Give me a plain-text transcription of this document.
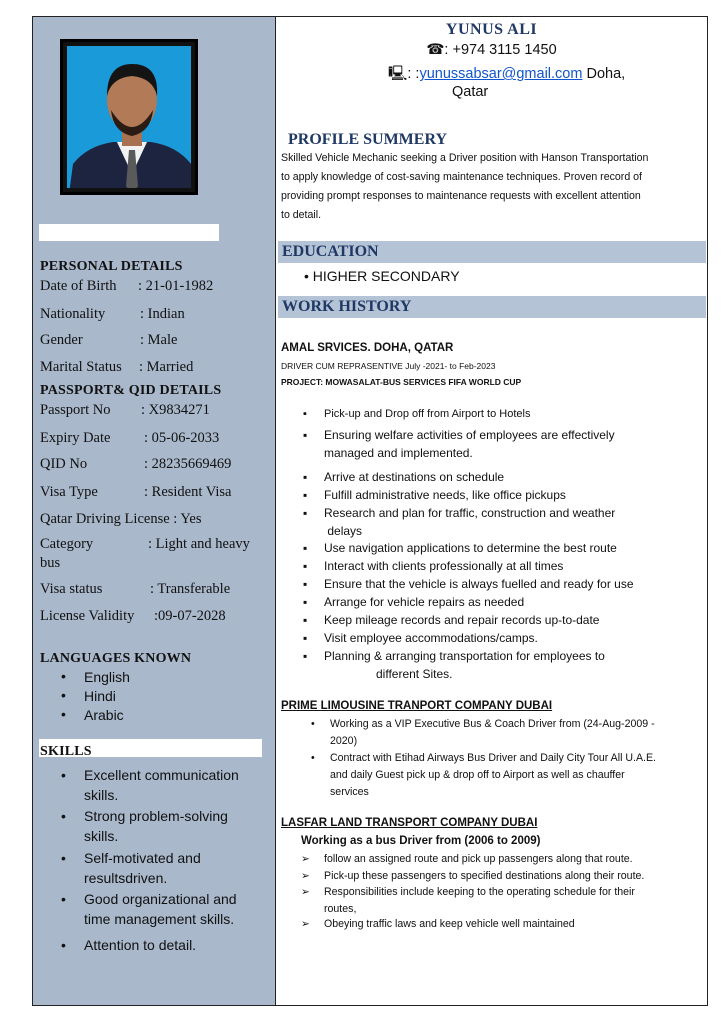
PERSONAL DETAILS
Date of Birth : 21-01-1982
Nationality : Indian
Gender	: Male
Marital Status : Married
PASSPORT& QID DETAILS
Passport No : X9834271
Expiry Date : 05-06-2033
QID No	: 28235669469
Visa Type	: Resident Visa
Qatar Driving License : Yes
Category	: Light and heavy
bus
Visa status	: Transferable
License Validity :09-07-2028
LANGUAGES KNOWN
• English
• Hindi
• Arabic
SKILLS
• Excellent communication
skills.
• Strong problem-solving
skills.
• Self-motivated and
resultsdriven.
• Good organizational and
time management skills.
• Attention to detail.
YUNUS ALI
☎: +974 3115 1450
🖳: :yunussabsar@gmail.com Doha,
Qatar
PROFILE SUMMERY
Skilled Vehicle Mechanic seeking a Driver position with Hanson Transportation
to apply knowledge of cost-saving maintenance techniques. Proven record of
providing prompt responses to maintenance requests with excellent attention
to detail.
EDUCATION
• HIGHER SECONDARY
WORK HISTORY
AMAL SRVICES. DOHA, QATAR
DRIVER CUM REPRASENTIVE July -2021- to Feb-2023
PROJECT: MOWASALAT-BUS SERVICES FIFA WORLD CUP
▪ Pick-up and Drop off from Airport to Hotels
▪ Ensuring welfare activities of employees are effectively
managed and implemented.
▪ Arrive at destinations on schedule
▪ Fulfill administrative needs, like office pickups
▪ Research and plan for traffic, construction and weather
delays
▪ Use navigation applications to determine the best route
▪ Interact with clients professionally at all times
▪ Ensure that the vehicle is always fuelled and ready for use
▪ Arrange for vehicle repairs as needed
▪ Keep mileage records and repair records up-to-date
▪ Visit employee accommodations/camps.
▪ Planning & arranging transportation for employees to
different Sites.
PRIME LIMOUSINE TRANPORT COMPANY DUBAI
• Working as a VIP Executive Bus & Coach Driver from (24-Aug-2009 -
2020)
• Contract with Etihad Airways Bus Driver and Daily City Tour All U.A.E.
and daily Guest pick up & drop off to Airport as well as chauffer
services
LASFAR LAND TRANSPORT COMPANY DUBAI
Working as a bus Driver from (2006 to 2009)
➢ follow an assigned route and pick up passengers along that route.
➢ Pick-up these passengers to specified destinations along their route.
➢ Responsibilities include keeping to the operating schedule for their
routes,
➢ Obeying traffic laws and keep vehicle well maintained
